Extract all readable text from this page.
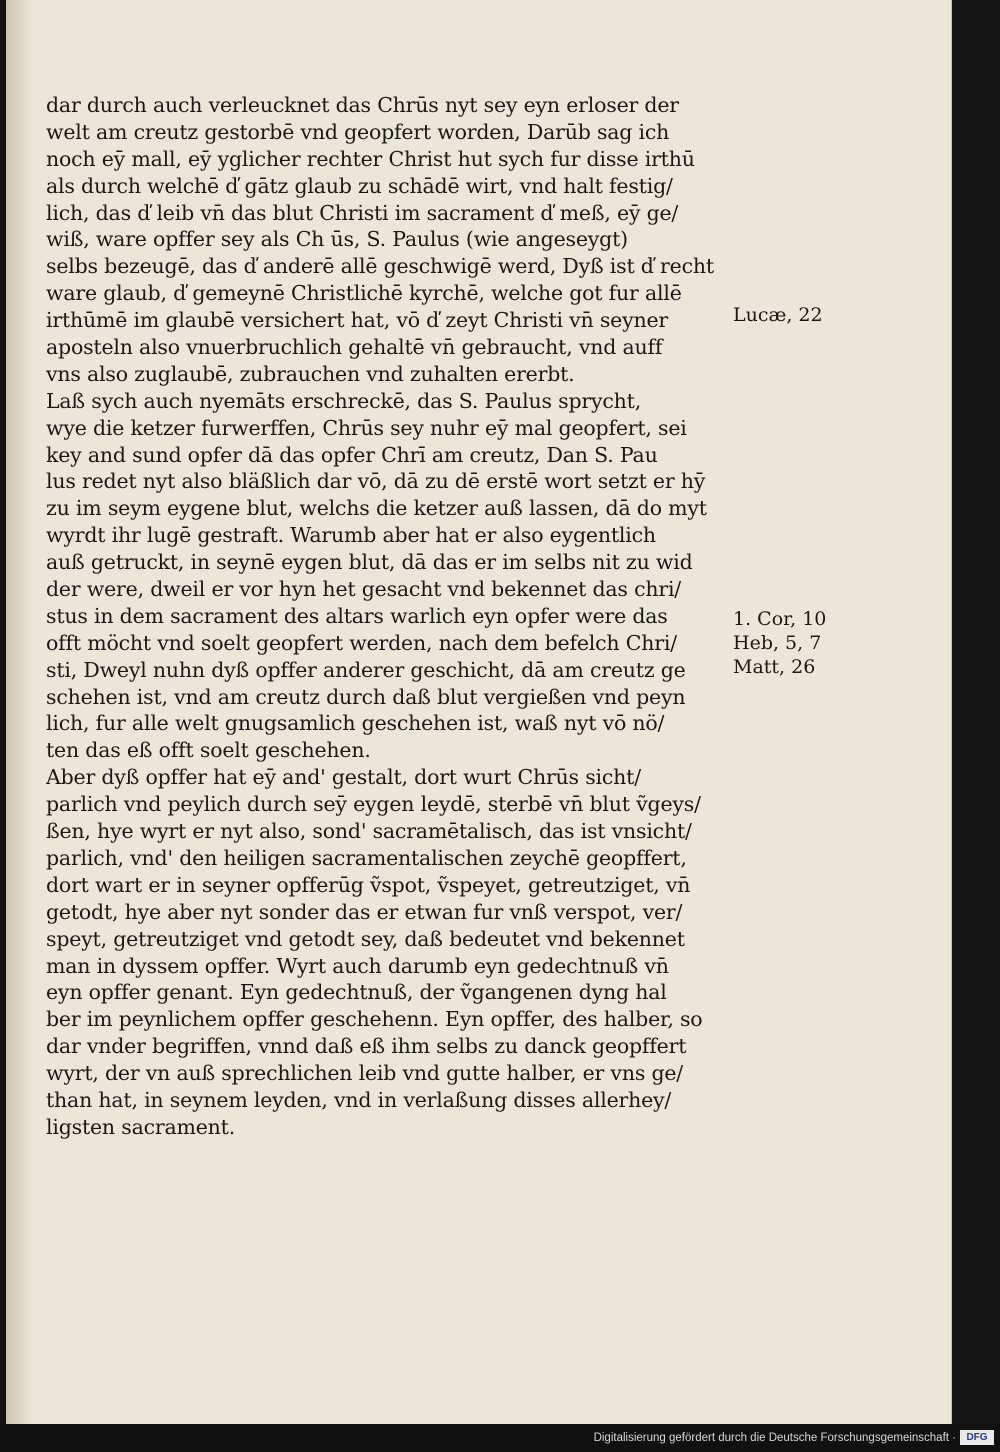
dar durch auch verleucknet das Chrūs nyt sey eyn erloser der
welt am creutz gestorbē vnd geopfert worden, Darūb sag ich
noch eȳ mall, eȳ yglicher rechter Christ hut sych fur disse irthū
als durch welchē ď gātz glaub zu schādē wirt, vnd halt festig/
lich, das ď leib vn̄ das blut Christi im sacrament ď meß, eȳ ge/
wiß, ware opffer sey als Ch ūs, S. Paulus (wie angeseygt)
selbs bezeugē, das ď anderē allē geschwigē werd, Dyß ist ď recht
ware glaub, ď gemeynē Christlichē kyrchē, welche got fur allē
irthūmē im glaubē versichert hat, vō ď zeyt Christi vn̄ seyner
aposteln also vnuerbruchlich gehaltē vn̄ gebraucht, vnd auff
vns also zuglaubē, zubrauchen vnd zuhalten ererbt.
Laß sych auch nyemāts erschreckē, das S. Paulus sprycht,
wye die ketzer furwerffen, Chrūs sey nuhr eȳ mal geopfert, sei
key and sund opfer dā das opfer Chrī am creutz, Dan S. Pau
lus redet nyt also bläßlich dar vō, dā zu dē erstē wort setzt er hȳ
zu im seym eygene blut, welchs die ketzer auß lassen, dā do myt
wyrdt ihr lugē gestraft. Warumb aber hat er also eygentlich
auß getruckt, in seynē eygen blut, dā das er im selbs nit zu wid
der were, dweil er vor hyn het gesacht vnd bekennet das chri/
stus in dem sacrament des altars warlich eyn opfer were das
offt möcht vnd soelt geopfert werden, nach dem befelch Chri/
sti, Dweyl nuhn dyß opffer anderer geschicht, dā am creutz ge
schehen ist, vnd am creutz durch daß blut vergießen vnd peyn
lich, fur alle welt gnugsamlich geschehen ist, waß nyt vō nö/
ten das eß offt soelt geschehen.
Aber dyß opffer hat eȳ and' gestalt, dort wurt Chrūs sicht/
parlich vnd peylich durch seȳ eygen leydē, sterbē vn̄ blut ṽgeys/
ßen, hye wyrt er nyt also, sond' sacramētalisch, das ist vnsicht/
parlich, vnd' den heiligen sacramentalischen zeychē geopffert,
dort wart er in seyner opfferūg ṽspot, ṽspeyet, getreutziget, vn̄
getodt, hye aber nyt sonder das er etwan fur vnß verspot, ver/
speyt, getreutziget vnd getodt sey, daß bedeutet vnd bekennet
man in dyssem opffer. Wyrt auch darumb eyn gedechtnuß vn̄
eyn opffer genant. Eyn gedechtnuß, der ṽgangenen dyng hal
ber im peynlichem opffer geschehenn. Eyn opffer, des halber, so
dar vnder begriffen, vnnd daß eß ihm selbs zu danck geopffert
wyrt, der vn auß sprechlichen leib vnd gutte halber, er vns ge/
than hat, in seynem leyden, vnd in verlaßung disses allerhey/
ligsten sacrament.
Lucæ, 22
1. Cor, 10
Heb, 5, 7
Matt, 26
Digitalisierung gefördert durch die Deutsche Forschungsgemeinschaft ·	DFG
